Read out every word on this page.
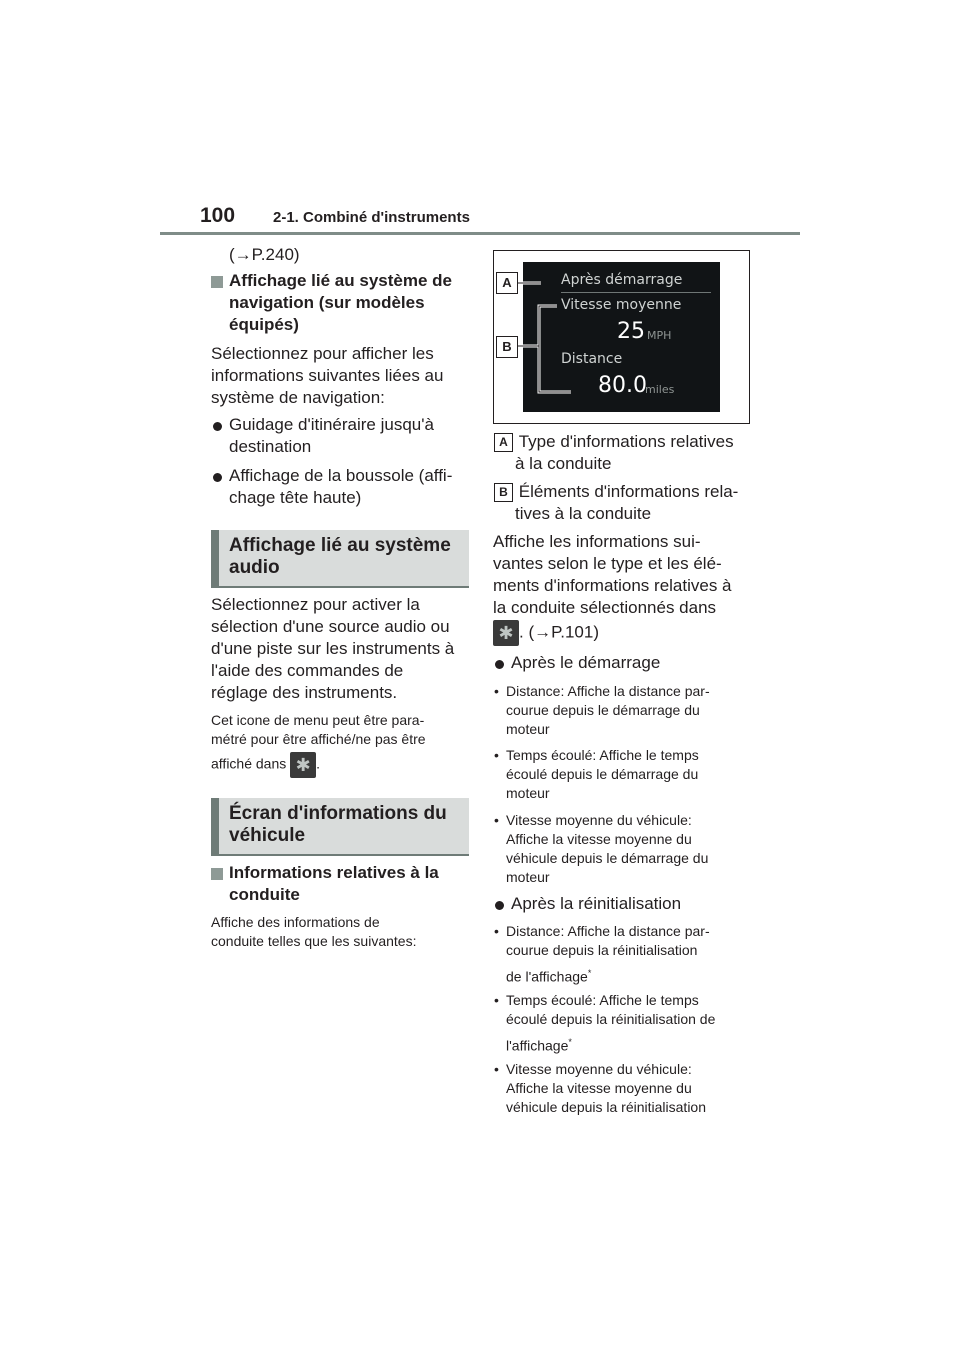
100	2-1. Combiné d'instruments
(→P.240)
Affichage lié au système de
navigation (sur modèles
équipés)
Sélectionnez pour afficher les
informations suivantes liées au
système de navigation:
Guidage d'itinéraire jusqu'à
destination
Affichage de la boussole (affi-
chage tête haute)
Affichage lié au système
audio
Sélectionnez pour activer la
sélection d'une source audio ou
d'une piste sur les instruments à
l'aide des commandes de
réglage des instruments.
Cet icone de menu peut être para-
métré pour être affiché/ne pas être
affiché dans ✱ .
Écran d'informations du
véhicule
Informations relatives à la
conduite
Affiche des informations de
conduite telles que les suivantes:
Après démarrage
Vitesse moyenne
25 MPH
Distance
80.0
miles
A
B
A Type d'informations relatives
à la conduite
B Éléments d'informations rela-
tives à la conduite
Affiche les informations sui-
vantes selon le type et les élé-
ments d'informations relatives à
la conduite sélectionnés dans
✱ . (→P.101)
Après le démarrage
• Distance: Affiche la distance par-
courue depuis le démarrage du
moteur
• Temps écoulé: Affiche le temps
écoulé depuis le démarrage du
moteur
• Vitesse moyenne du véhicule:
Affiche la vitesse moyenne du
véhicule depuis le démarrage du
moteur
Après la réinitialisation
• Distance: Affiche la distance par-
courue depuis la réinitialisation
de l'affichage*
• Temps écoulé: Affiche le temps
écoulé depuis la réinitialisation de
l'affichage*
• Vitesse moyenne du véhicule:
Affiche la vitesse moyenne du
véhicule depuis la réinitialisation
